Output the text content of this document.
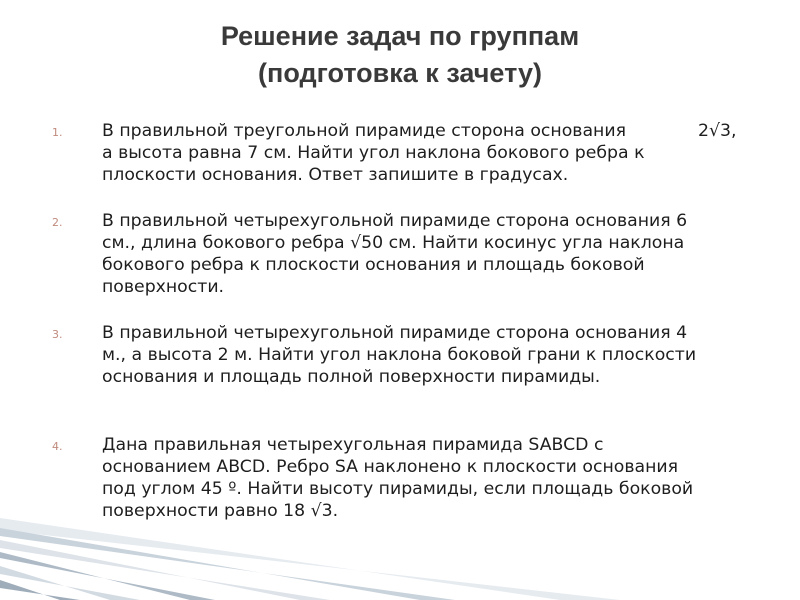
Решение задач по группам
(подготовка к зачету)
1. В правильной треугольной пирамиде сторона основания
а высота равна 7 см. Найти угол наклона бокового ребра к
плоскости основания. Ответ запишите в градусах.
2√3,
2. В правильной четырехугольной пирамиде сторона основания 6
см., длина бокового ребра √50 см. Найти косинус угла наклона
бокового ребра к плоскости основания и площадь боковой
поверхности.
3. В правильной четырехугольной пирамиде сторона основания 4
м., а высота 2 м. Найти угол наклона боковой грани к плоскости
основания и площадь полной поверхности пирамиды.
4. Дана правильная четырехугольная пирамида SABCD с
основанием ABCD. Ребро SA наклонено к плоскости основания
под углом 45 º. Найти высоту пирамиды, если площадь боковой
поверхности равно 18 √3.
